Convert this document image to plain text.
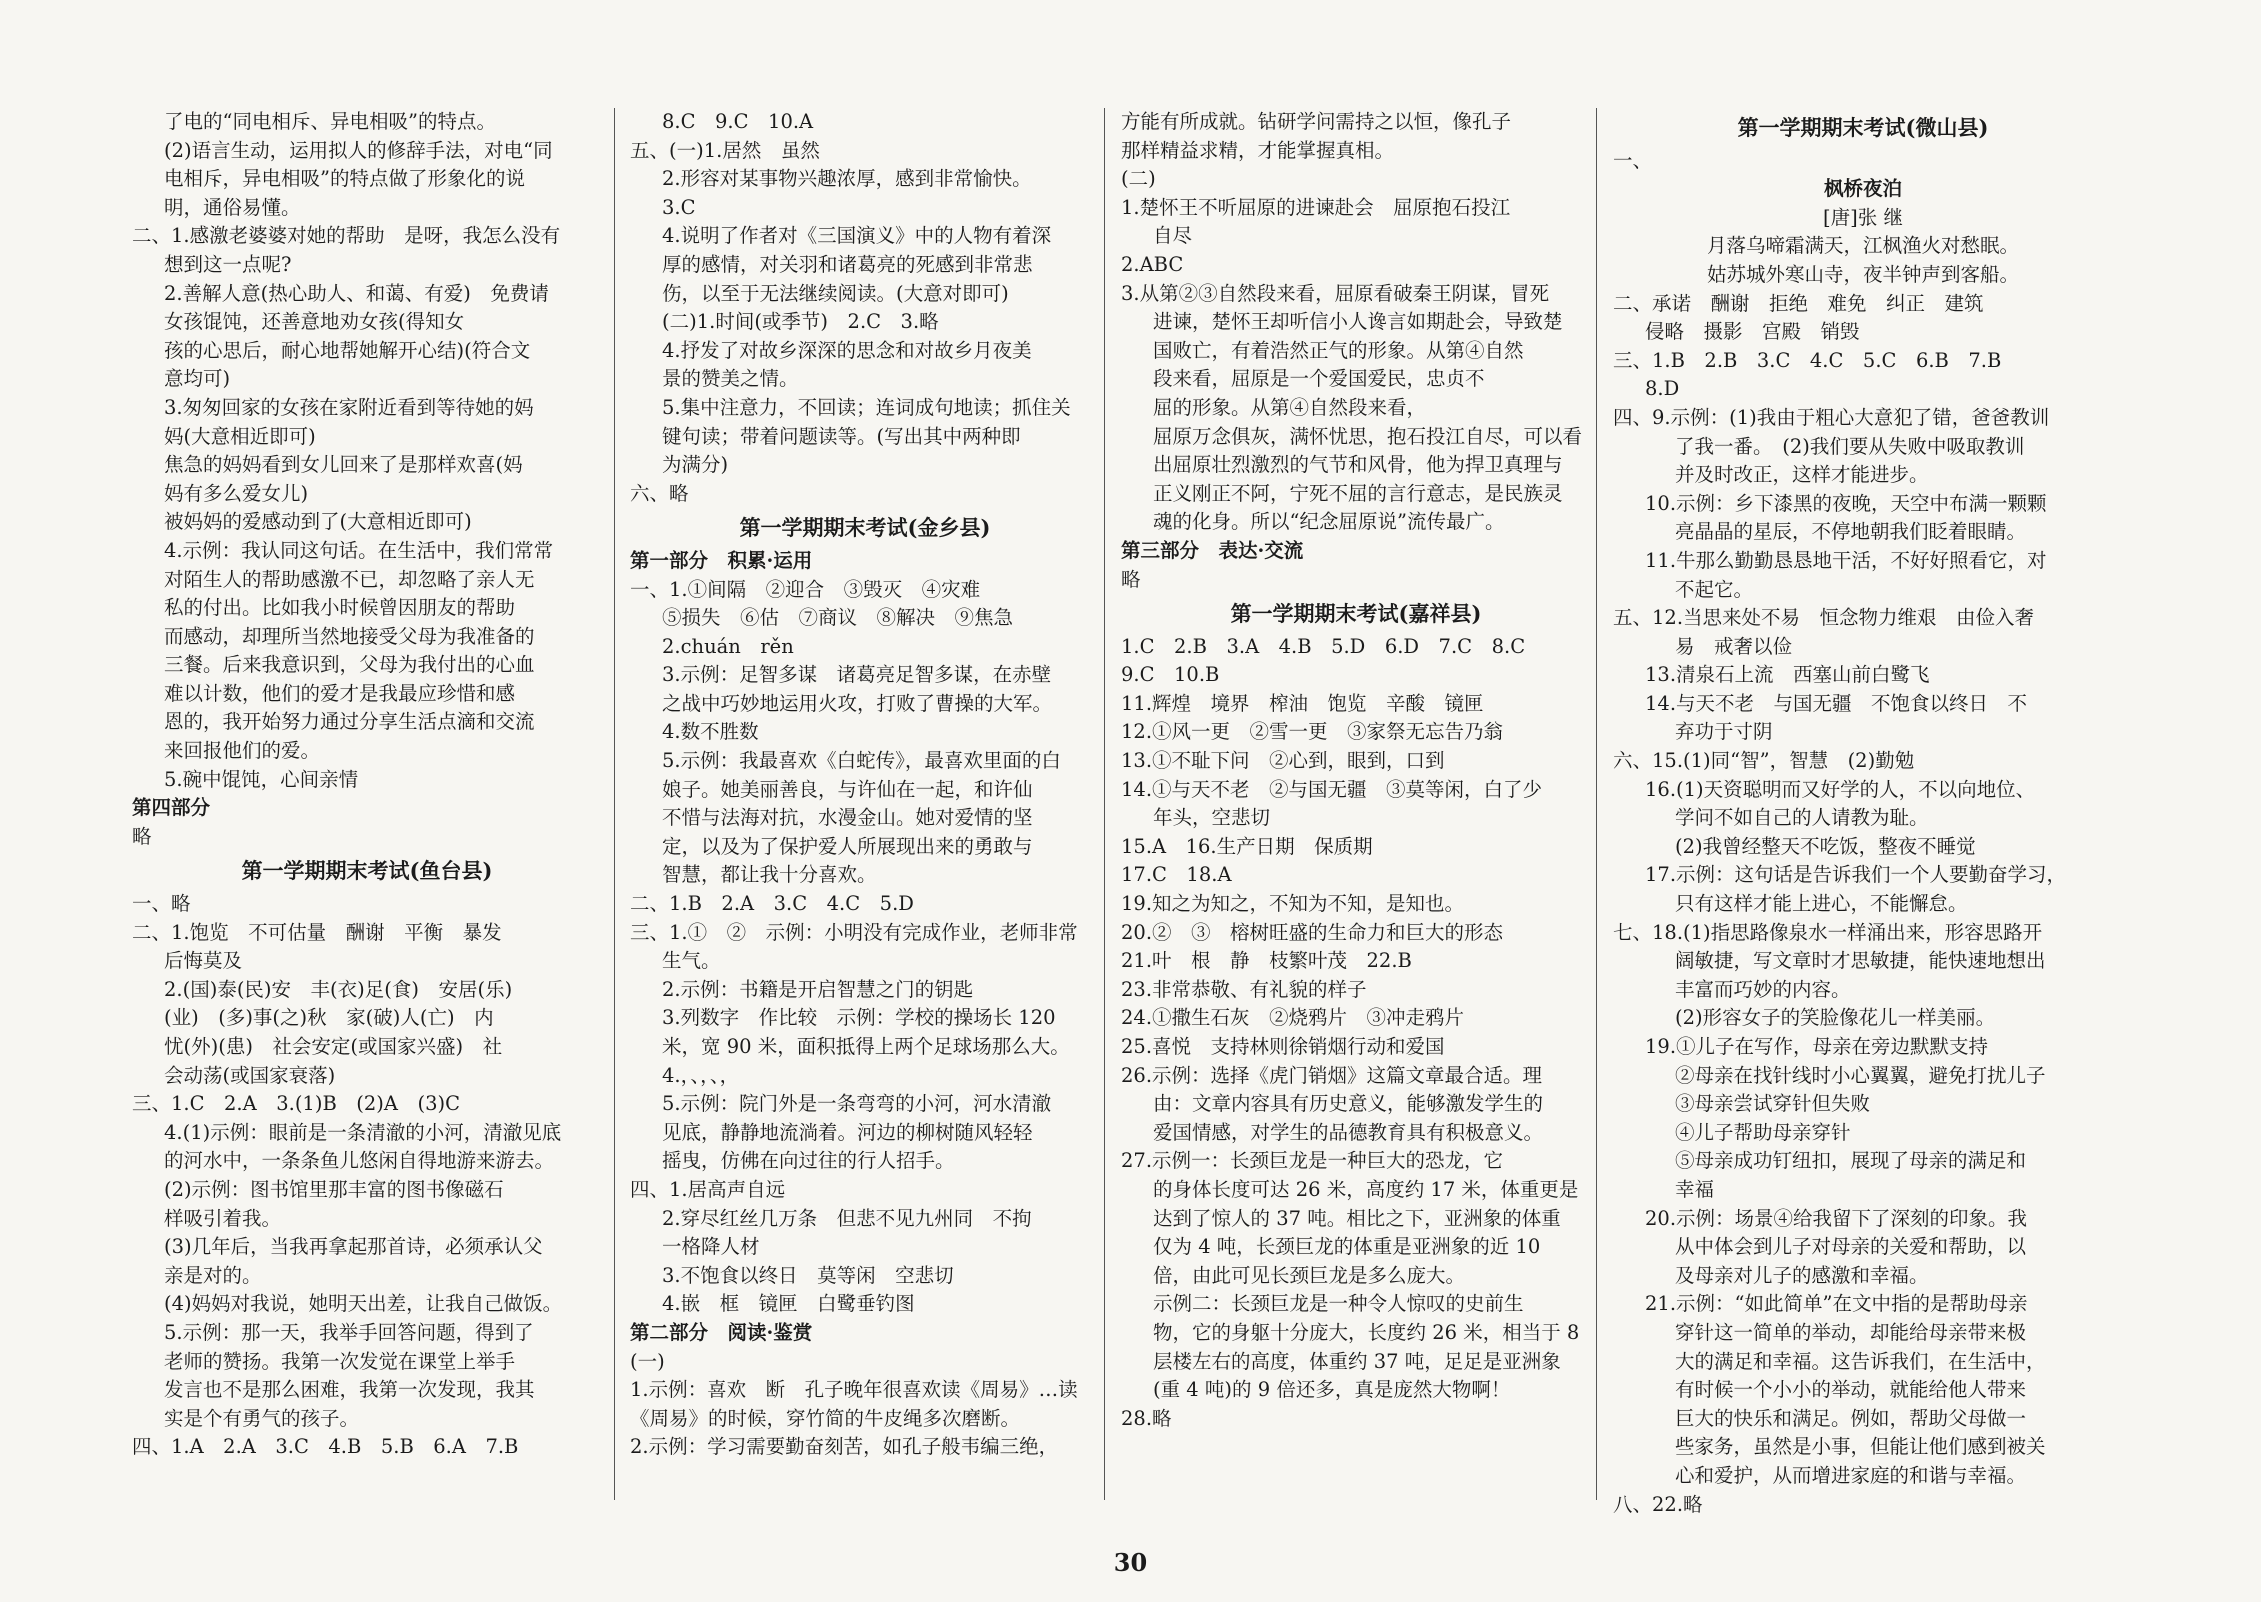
了电的“同电相斥、异电相吸”的特点。
(2)语言生动，运用拟人的修辞手法，对电“同
电相斥，异电相吸”的特点做了形象化的说
明，通俗易懂。
二、1.感激老婆婆对她的帮助　是呀，我怎么没有
想到这一点呢?
2.善解人意(热心助人、和蔼、有爱)　免费请
女孩馄饨，还善意地劝女孩(得知女
孩的心思后，耐心地帮她解开心结)(符合文
意均可)
3.匆匆回家的女孩在家附近看到等待她的妈
妈(大意相近即可)
焦急的妈妈看到女儿回来了是那样欢喜(妈
妈有多么爱女儿)
被妈妈的爱感动到了(大意相近即可)
4.示例：我认同这句话。在生活中，我们常常
对陌生人的帮助感激不已，却忽略了亲人无
私的付出。比如我小时候曾因朋友的帮助
而感动，却理所当然地接受父母为我准备的
三餐。后来我意识到，父母为我付出的心血
难以计数，他们的爱才是我最应珍惜和感
恩的，我开始努力通过分享生活点滴和交流
来回报他们的爱。
5.碗中馄饨，心间亲情
第四部分
略
第一学期期末考试(鱼台县)
一、略
二、1.饱览　不可估量　酬谢　平衡　暴发
后悔莫及
2.(国)泰(民)安　丰(衣)足(食)　安居(乐)
(业)　(多)事(之)秋　家(破)人(亡)　内
忧(外)(患)　社会安定(或国家兴盛)　社
会动荡(或国家衰落)
三、1.C　2.A　3.(1)B　(2)A　(3)C
4.(1)示例：眼前是一条清澈的小河，清澈见底
的河水中，一条条鱼儿悠闲自得地游来游去。
(2)示例：图书馆里那丰富的图书像磁石
样吸引着我。
(3)几年后，当我再拿起那首诗，必须承认父
亲是对的。
(4)妈妈对我说，她明天出差，让我自己做饭。
5.示例：那一天，我举手回答问题，得到了
老师的赞扬。我第一次发觉在课堂上举手
发言也不是那么困难，我第一次发现，我其
实是个有勇气的孩子。
四、1.A　2.A　3.C　4.B　5.B　6.A　7.B
8.C　9.C　10.A
五、(一)1.居然　虽然
2.形容对某事物兴趣浓厚，感到非常愉快。
3.C
4.说明了作者对《三国演义》中的人物有着深
厚的感情，对关羽和诸葛亮的死感到非常悲
伤，以至于无法继续阅读。(大意对即可)
(二)1.时间(或季节)　2.C　3.略
4.抒发了对故乡深深的思念和对故乡月夜美
景的赞美之情。
5.集中注意力，不回读；连词成句地读；抓住关
键句读；带着问题读等。(写出其中两种即
为满分)
六、略
第一学期期末考试(金乡县)
第一部分　积累·运用
一、1.①间隔　②迎合　③毁灭　④灾难
⑤损失　⑥估　⑦商议　⑧解决　⑨焦急
2.chuán　rěn
3.示例：足智多谋　诸葛亮足智多谋，在赤壁
之战中巧妙地运用火攻，打败了曹操的大军。
4.数不胜数
5.示例：我最喜欢《白蛇传》，最喜欢里面的白
娘子。她美丽善良，与许仙在一起，和许仙
不惜与法海对抗，水漫金山。她对爱情的坚
定，以及为了保护爱人所展现出来的勇敢与
智慧，都让我十分喜欢。
二、1.B　2.A　3.C　4.C　5.D
三、1.①　②　示例：小明没有完成作业，老师非常
生气。
2.示例：书籍是开启智慧之门的钥匙
3.列数字　作比较　示例：学校的操场长 120
米，宽 90 米，面积抵得上两个足球场那么大。
4.，、，、，
5.示例：院门外是一条弯弯的小河，河水清澈
见底，静静地流淌着。河边的柳树随风轻轻
摇曳，仿佛在向过往的行人招手。
四、1.居高声自远
2.穿尽红丝几万条　但悲不见九州同　不拘
一格降人材
3.不饱食以终日　莫等闲　空悲切
4.嵌　框　镜匣　白鹭垂钓图
第二部分　阅读·鉴赏
(一)
1.示例：喜欢　断　孔子晚年很喜欢读《周易》…读
《周易》的时候，穿竹简的牛皮绳多次磨断。
2.示例：学习需要勤奋刻苦，如孔子般韦编三绝，
方能有所成就。钻研学问需持之以恒，像孔子
那样精益求精，才能掌握真相。
(二)
1.楚怀王不听屈原的进谏赴会　屈原抱石投江
自尽
2.ABC
3.从第②③自然段来看，屈原看破秦王阴谋，冒死
进谏，楚怀王却听信小人谗言如期赴会，导致楚
国败亡，有着浩然正气的形象。从第④自然
段来看，屈原是一个爱国爱民，忠贞不
屈的形象。从第④自然段来看，
屈原万念俱灰，满怀忧思，抱石投江自尽，可以看
出屈原壮烈激烈的气节和风骨，他为捍卫真理与
正义刚正不阿，宁死不屈的言行意志，是民族灵
魂的化身。所以“纪念屈原说”流传最广。
第三部分　表达·交流
略
第一学期期末考试(嘉祥县)
1.C　2.B　3.A　4.B　5.D　6.D　7.C　8.C
9.C　10.B
11.辉煌　境界　榨油　饱览　辛酸　镜匣
12.①风一更　②雪一更　③家祭无忘告乃翁
13.①不耻下问　②心到，眼到，口到
14.①与天不老　②与国无疆　③莫等闲，白了少
年头，空悲切
15.A　16.生产日期　保质期
17.C　18.A
19.知之为知之，不知为不知，是知也。
20.②　③　榕树旺盛的生命力和巨大的形态
21.叶　根　静　枝繁叶茂　22.B
23.非常恭敬、有礼貌的样子
24.①撒生石灰　②烧鸦片　③冲走鸦片
25.喜悦　支持林则徐销烟行动和爱国
26.示例：选择《虎门销烟》这篇文章最合适。理
由：文章内容具有历史意义，能够激发学生的
爱国情感，对学生的品德教育具有积极意义。
27.示例一：长颈巨龙是一种巨大的恐龙，它
的身体长度可达 26 米，高度约 17 米，体重更是
达到了惊人的 37 吨。相比之下，亚洲象的体重
仅为 4 吨，长颈巨龙的体重是亚洲象的近 10
倍，由此可见长颈巨龙是多么庞大。
示例二：长颈巨龙是一种令人惊叹的史前生
物，它的身躯十分庞大，长度约 26 米，相当于 8
层楼左右的高度，体重约 37 吨，足足是亚洲象
(重 4 吨)的 9 倍还多，真是庞然大物啊！
28.略
第一学期期末考试(微山县)
一、
枫桥夜泊
[唐]张 继
月落乌啼霜满天，江枫渔火对愁眠。
姑苏城外寒山寺，夜半钟声到客船。
二、承诺　酬谢　拒绝　难免　纠正　建筑
侵略　摄影　宫殿　销毁
三、1.B　2.B　3.C　4.C　5.C　6.B　7.B
8.D
四、9.示例：(1)我由于粗心大意犯了错，爸爸教训
了我一番。　(2)我们要从失败中吸取教训
并及时改正，这样才能进步。
10.示例：乡下漆黑的夜晚，天空中布满一颗颗
亮晶晶的星辰，不停地朝我们眨着眼睛。
11.牛那么勤勤恳恳地干活，不好好照看它，对
不起它。
五、12.当思来处不易　恒念物力维艰　由俭入奢
易　戒奢以俭
13.清泉石上流　西塞山前白鹭飞
14.与天不老　与国无疆　不饱食以终日　不
弃功于寸阴
六、15.(1)同“智”，智慧　(2)勤勉
16.(1)天资聪明而又好学的人，不以向地位、
学问不如自己的人请教为耻。
(2)我曾经整天不吃饭，整夜不睡觉
17.示例：这句话是告诉我们一个人要勤奋学习，
只有这样才能上进心，不能懈怠。
七、18.(1)指思路像泉水一样涌出来，形容思路开
阔敏捷，写文章时才思敏捷，能快速地想出
丰富而巧妙的内容。
(2)形容女子的笑脸像花儿一样美丽。
19.①儿子在写作，母亲在旁边默默支持
②母亲在找针线时小心翼翼，避免打扰儿子
③母亲尝试穿针但失败
④儿子帮助母亲穿针
⑤母亲成功钉纽扣，展现了母亲的满足和
幸福
20.示例：场景④给我留下了深刻的印象。我
从中体会到儿子对母亲的关爱和帮助，以
及母亲对儿子的感激和幸福。
21.示例：“如此简单”在文中指的是帮助母亲
穿针这一简单的举动，却能给母亲带来极
大的满足和幸福。这告诉我们，在生活中，
有时候一个小小的举动，就能给他人带来
巨大的快乐和满足。例如，帮助父母做一
些家务，虽然是小事，但能让他们感到被关
心和爱护，从而增进家庭的和谐与幸福。
八、22.略
30
